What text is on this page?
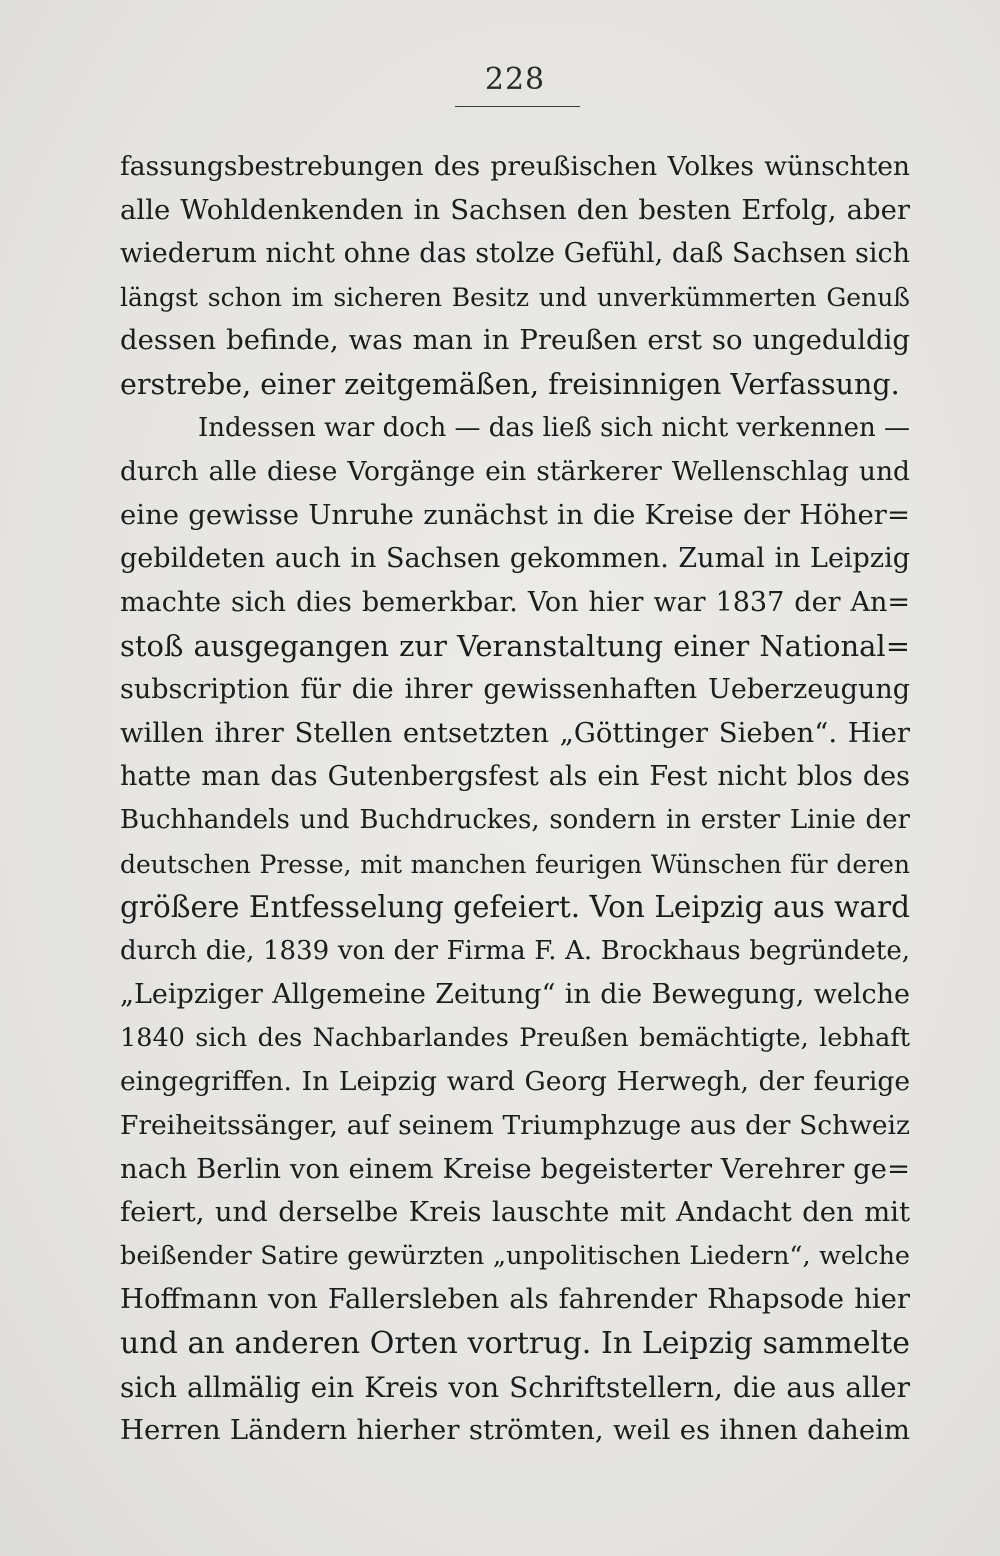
228
fassungsbestrebungen des preußischen Volkes wünschten
alle Wohldenkenden in Sachsen den besten Erfolg, aber
wiederum nicht ohne das stolze Gefühl, daß Sachsen sich
längst schon im sicheren Besitz und unverkümmerten Genuß
dessen befinde, was man in Preußen erst so ungeduldig
erstrebe, einer zeitgemäßen, freisinnigen Verfassung.
Indessen war doch — das ließ sich nicht verkennen —
durch alle diese Vorgänge ein stärkerer Wellenschlag und
eine gewisse Unruhe zunächst in die Kreise der Höher=
gebildeten auch in Sachsen gekommen. Zumal in Leipzig
machte sich dies bemerkbar. Von hier war 1837 der An=
stoß ausgegangen zur Veranstaltung einer National=
subscription für die ihrer gewissenhaften Ueberzeugung
willen ihrer Stellen entsetzten „Göttinger Sieben“. Hier
hatte man das Gutenbergsfest als ein Fest nicht blos des
Buchhandels und Buchdruckes, sondern in erster Linie der
deutschen Presse, mit manchen feurigen Wünschen für deren
größere Entfesselung gefeiert. Von Leipzig aus ward
durch die, 1839 von der Firma F. A. Brockhaus begründete,
„Leipziger Allgemeine Zeitung“ in die Bewegung, welche
1840 sich des Nachbarlandes Preußen bemächtigte, lebhaft
eingegriffen. In Leipzig ward Georg Herwegh, der feurige
Freiheitssänger, auf seinem Triumphzuge aus der Schweiz
nach Berlin von einem Kreise begeisterter Verehrer ge=
feiert, und derselbe Kreis lauschte mit Andacht den mit
beißender Satire gewürzten „unpolitischen Liedern“, welche
Hoffmann von Fallersleben als fahrender Rhapsode hier
und an anderen Orten vortrug. In Leipzig sammelte
sich allmälig ein Kreis von Schriftstellern, die aus aller
Herren Ländern hierher strömten, weil es ihnen daheim
